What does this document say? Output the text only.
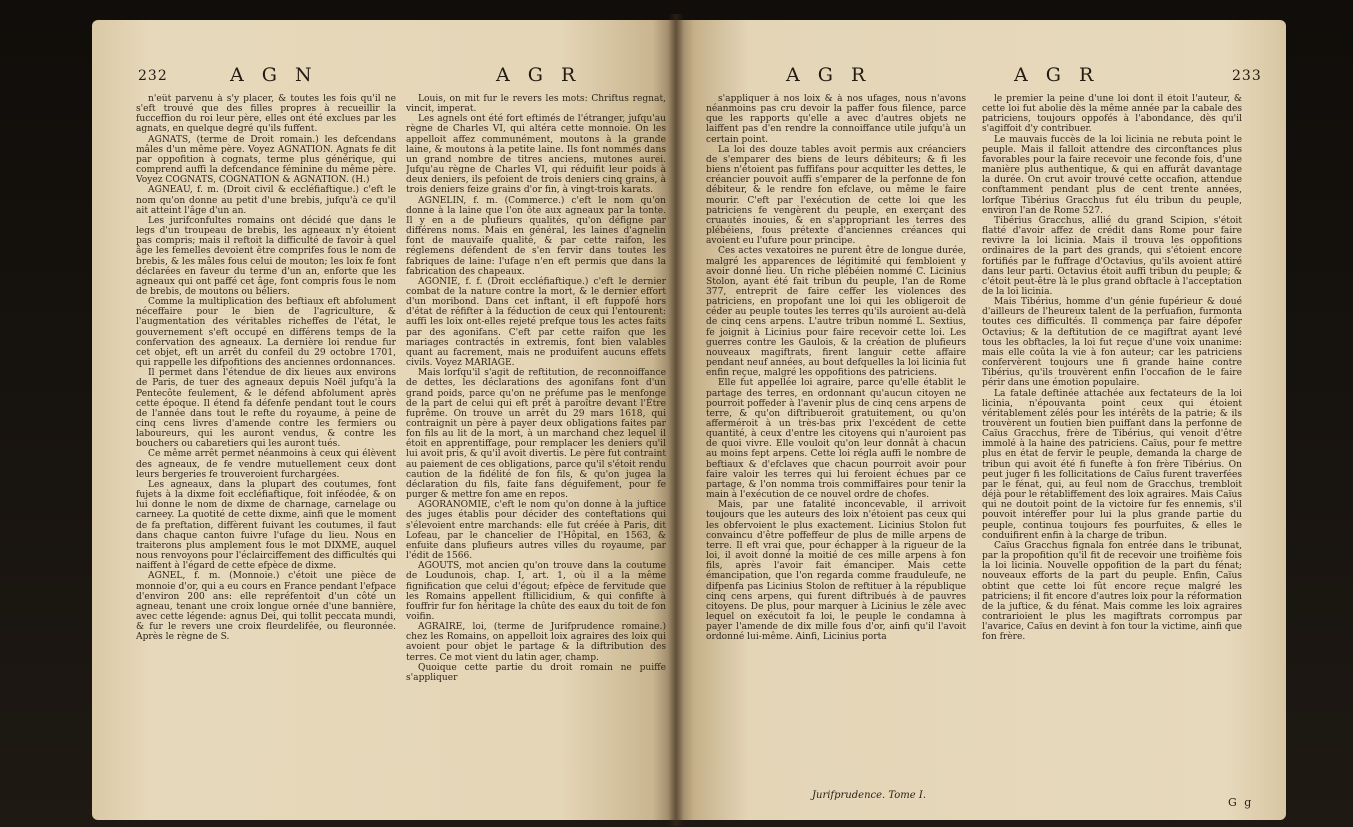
232	A G N	A G R

n'eût parvenu à s'y placer, & toutes les fois qu'il ne s'eft trouvé que des filles propres à recueillir la fucceffion du roi leur père, elles ont été exclues par les agnats, en quelque degré qu'ils fuffent.

AGNATS, (terme de Droit romain.) les defcendans mâles d'un même père. Voyez AGNATION. Agnats fe dit par oppofition à cognats, terme plus générique, qui comprend auffi la defcendance féminine du même père. Voyez COGNATS, COGNATION & AGNATION. (H.)

AGNEAU, f. m. (Droit civil & eccléfiaftique.) c'eft le nom qu'on donne au petit d'une brebis, jufqu'à ce qu'il ait atteint l'âge d'un an.

Les jurifconfultes romains ont décidé que dans le legs d'un troupeau de brebis, les agneaux n'y étoient pas compris; mais il reftoit la difficulté de favoir à quel âge les femelles devoient être comprifes fous le nom de brebis, & les mâles fous celui de mouton; les loix fe font déclarées en faveur du terme d'un an, enforte que les agneaux qui ont paffé cet âge, font compris fous le nom de brebis, de moutons ou béliers.

Comme la multiplication des beftiaux eft abfolument néceffaire pour le bien de l'agriculture, & l'augmentation des véritables richeffes de l'état, le gouvernement s'eft occupé en différens temps de la confervation des agneaux. La dernière loi rendue fur cet objet, eft un arrêt du confeil du 29 octobre 1701, qui rappelle les difpofitions des anciennes ordonnances.

Il permet dans l'étendue de dix lieues aux environs de Paris, de tuer des agneaux depuis Noël jufqu'à la Pentecôte feulement, & le défend abfolument après cette époque. Il étend fa défenfe pendant tout le cours de l'année dans tout le refte du royaume, à peine de cinq cens livres d'amende contre les fermiers ou laboureurs, qui les auront vendus, & contre les bouchers ou cabaretiers qui les auront tués.

Ce même arrêt permet néanmoins à ceux qui élèvent des agneaux, de fe vendre mutuellement ceux dont leurs bergeries fe trouveroient furchargées.

Les agneaux, dans la plupart des coutumes, font fujets à la dixme foit eccléfiaftique, foit inféodée, & on lui donne le nom de dixme de charnage, carnelage ou carneey. La quotité de cette dixme, ainfi que le moment de fa preftation, diffèrent fuivant les coutumes, il faut dans chaque canton fuivre l'ufage du lieu. Nous en traiterons plus amplement fous le mot DIXME, auquel nous renvoyons pour l'éclairciffement des difficultés qui naiffent à l'égard de cette efpèce de dixme.

AGNEL, f. m. (Monnoie.) c'étoit une pièce de monnoie d'or, qui a eu cours en France pendant l'efpace d'environ 200 ans: elle repréfentoit d'un côté un agneau, tenant une croix longue ornée d'une bannière, avec cette légende: agnus Dei, qui tollit peccata mundi, & fur le revers une croix fleurdelifée, ou fleuronnée. Après le règne de S.

Louis, on mit fur le revers les mots: Chriftus regnat, vincit, imperat.

Les agnels ont été fort eftimés de l'étranger, jufqu'au règne de Charles VI, qui altéra cette monnoie. On les appelloit affez communément, moutons à la grande laine, & moutons à la petite laine. Ils font nommés dans un grand nombre de titres anciens, mutones aurei. Jufqu'au règne de Charles VI, qui réduifit leur poids à deux deniers, ils pefoient de trois deniers cinq grains, à trois deniers feize grains d'or fin, à vingt-trois karats.

AGNELIN, f. m. (Commerce.) c'eft le nom qu'on donne à la laine que l'on ôte aux agneaux par la tonte. Il y en a de plufieurs qualités, qu'on défigne par différens noms. Mais en général, les laines d'agnelin font de mauvaife qualité, & par cette raifon, les réglemens défendent de s'en fervir dans toutes les fabriques de laine: l'ufage n'en eft permis que dans la fabrication des chapeaux.

AGONIE, f. f. (Droit eccléfiaftique.) c'eft le dernier combat de la nature contre la mort, & le dernier effort d'un moribond. Dans cet inftant, il eft fuppofé hors d'état de réfifter à la féduction de ceux qui l'entourent: auffi les loix ont-elles rejeté prefque tous les actes faits par des agonifans. C'eft par cette raifon que les mariages contractés in extremis, font bien valables quant au facrement, mais ne produifent aucuns effets civils. Voyez MARIAGE.

Mais lorfqu'il s'agit de reftitution, de reconnoiffance de dettes, les déclarations des agonifans font d'un grand poids, parce qu'on ne préfume pas le menfonge de la part de celui qui eft prêt à paroître devant l'Être fuprême. On trouve un arrêt du 29 mars 1618, qui contraignit un père à payer deux obligations faites par fon fils au lit de la mort, à un marchand chez lequel il étoit en apprentiffage, pour remplacer les deniers qu'il lui avoit pris, & qu'il avoit divertis. Le père fut contraint au paiement de ces obligations, parce qu'il s'étoit rendu caution de la fidélité de fon fils, & qu'on jugea la déclaration du fils, faite fans déguifement, pour fe purger & mettre fon ame en repos.

AGORANOMIE, c'eft le nom qu'on donne à la juftice des juges établis pour décider des conteftations qui s'élevoient entre marchands: elle fut créée à Paris, dit Lofeau, par le chancelier de l'Hôpital, en 1563, & enfuite dans plufieurs autres villes du royaume, par l'édit de 1566.

AGOUTS, mot ancien qu'on trouve dans la coutume de Loudunois, chap. I, art. 1, où il a la même fignification que celui d'égout; efpèce de fervitude que les Romains appellent ftillicidium, & qui confifte à fouffrir fur fon héritage la chûte des eaux du toit de fon voifin.

AGRAIRE, loi, (terme de Jurifprudence romaine.) chez les Romains, on appelloit loix agraires des loix qui avoient pour objet le partage & la diftribution des terres. Ce mot vient du latin ager, champ.

Quoique cette partie du droit romain ne puiffe s'appliquer

A G R	A G R	233

s'appliquer à nos loix & à nos ufages, nous n'avons néanmoins pas cru devoir la paffer fous filence, parce que les rapports qu'elle a avec d'autres objets ne laiffent pas d'en rendre la connoiffance utile jufqu'à un certain point.

La loi des douze tables avoit permis aux créanciers de s'emparer des biens de leurs débiteurs; & fi les biens n'étoient pas fuffifans pour acquitter les dettes, le créancier pouvoit auffi s'emparer de la perfonne de fon débiteur, & le rendre fon efclave, ou même le faire mourir. C'eft par l'exécution de cette loi que les patriciens fe vengèrent du peuple, en exerçant des cruautés inouies, & en s'appropriant les terres des plébéiens, fous prétexte d'anciennes créances qui avoient eu l'ufure pour principe.

Ces actes vexatoires ne purent être de longue durée, malgré les apparences de légitimité qui fembloient y avoir donné lieu. Un riche plébéien nommé C. Licinius Stolon, ayant été fait tribun du peuple, l'an de Rome 377, entreprit de faire ceffer les violences des patriciens, en propofant une loi qui les obligeroit de céder au peuple toutes les terres qu'ils auroient au-delà de cinq cens arpens. L'autre tribun nommé L. Sextius, fe joignit à Licinius pour faire recevoir cette loi. Les guerres contre les Gaulois, & la création de plufieurs nouveaux magiftrats, firent languir cette affaire pendant neuf années, au bout defquelles la loi licinia fut enfin reçue, malgré les oppofitions des patriciens.

Elle fut appellée loi agraire, parce qu'elle établit le partage des terres, en ordonnant qu'aucun citoyen ne pourroit poffeder à l'avenir plus de cinq cens arpens de terre, & qu'on diftribueroit gratuitement, ou qu'on afferméroit à un très-bas prix l'excédent de cette quantité, à ceux d'entre les citoyens qui n'auroient pas de quoi vivre. Elle vouloit qu'on leur donnât à chacun au moins fept arpens. Cette loi régla auffi le nombre de beftiaux & d'efclaves que chacun pourroit avoir pour faire valoir les terres qui lui feroient échues par ce partage, & l'on nomma trois commiffaires pour tenir la main à l'exécution de ce nouvel ordre de chofes.

Mais, par une fatalité inconcevable, il arrivoit toujours que les auteurs des loix n'étoient pas ceux qui les obfervoient le plus exactement. Licinius Stolon fut convaincu d'être poffeffeur de plus de mille arpens de terre. Il eft vrai que, pour échapper à la rigueur de la loi, il avoit donné la moitié de ces mille arpens à fon fils, après l'avoir fait émanciper. Mais cette émancipation, que l'on regarda comme frauduleufe, ne difpenfa pas Licinius Stolon de reftituer à la république cinq cens arpens, qui furent diftribués à de pauvres citoyens. De plus, pour marquer à Licinius le zèle avec lequel on exécutoit fa loi, le peuple le condamna à payer l'amende de dix mille fous d'or, ainfi qu'il l'avoit ordonné lui-même. Ainfi, Licinius porta

Jurifprudence. Tome I.

le premier la peine d'une loi dont il étoit l'auteur, & cette loi fut abolie dès la même année par la cabale des patriciens, toujours oppofés à l'abondance, dès qu'il s'agiffoit d'y contribuer.

Le mauvais fuccès de la loi licinia ne rebuta point le peuple. Mais il falloit attendre des circonftances plus favorables pour la faire recevoir une feconde fois, d'une manière plus authentique, & qui en affurât davantage la durée. On crut avoir trouvé cette occafion, attendue conftamment pendant plus de cent trente années, lorfque Tibérius Gracchus fut élu tribun du peuple, environ l'an de Rome 527.

Tibérius Gracchus, allié du grand Scipion, s'étoit flatté d'avoir affez de crédit dans Rome pour faire revivre la loi licinia. Mais il trouva les oppofitions ordinaires de la part des grands, qui s'étoient encore fortifiés par le fuffrage d'Octavius, qu'ils avoient attiré dans leur parti. Octavius étoit auffi tribun du peuple; & c'étoit peut-être là le plus grand obftacle à l'acceptation de la loi licinia.

Mais Tibérius, homme d'un génie fupérieur & doué d'ailleurs de l'heureux talent de la perfuafion, furmonta toutes ces difficultés. Il commença par faire dépofer Octavius; & la deftitution de ce magiftrat ayant levé tous les obftacles, la loi fut reçue d'une voix unanime: mais elle coûta la vie à fon auteur; car les patriciens confervèrent toujours une fi grande haine contre Tibérius, qu'ils trouvèrent enfin l'occafion de le faire périr dans une émotion populaire.

La fatale deftinée attachée aux fectateurs de la loi licinia, n'épouvanta point ceux qui étoient véritablement zélés pour les intérêts de la patrie; & ils trouvèrent un foutien bien puiffant dans la perfonne de Caïus Gracchus, frère de Tibérius, qui venoit d'être immolé à la haine des patriciens. Caïus, pour fe mettre plus en état de fervir le peuple, demanda la charge de tribun qui avoit été fi funefte à fon frère Tibérius. On peut juger fi les follicitations de Caïus furent traverfées par le fénat, qui, au feul nom de Gracchus, trembloit déjà pour le rétabliffement des loix agraires. Mais Caïus qui ne doutoit point de la victoire fur fes ennemis, s'il pouvoit intéreffer pour lui la plus grande partie du peuple, continua toujours fes pourfuites, & elles le conduifirent enfin à la charge de tribun.

Caïus Gracchus fignala fon entrée dans le tribunat, par la propofition qu'il fit de recevoir une troifième fois la loi licinia. Nouvelle oppofition de la part du fénat; nouveaux efforts de la part du peuple. Enfin, Caïus obtint que cette loi fût encore reçue malgré les patriciens; il fit encore d'autres loix pour la réformation de la juftice, & du fénat. Mais comme les loix agraires contrarioient le plus les magiftrats corrompus par l'avarice, Caïus en devint à fon tour la victime, ainfi que fon frère.

G g
